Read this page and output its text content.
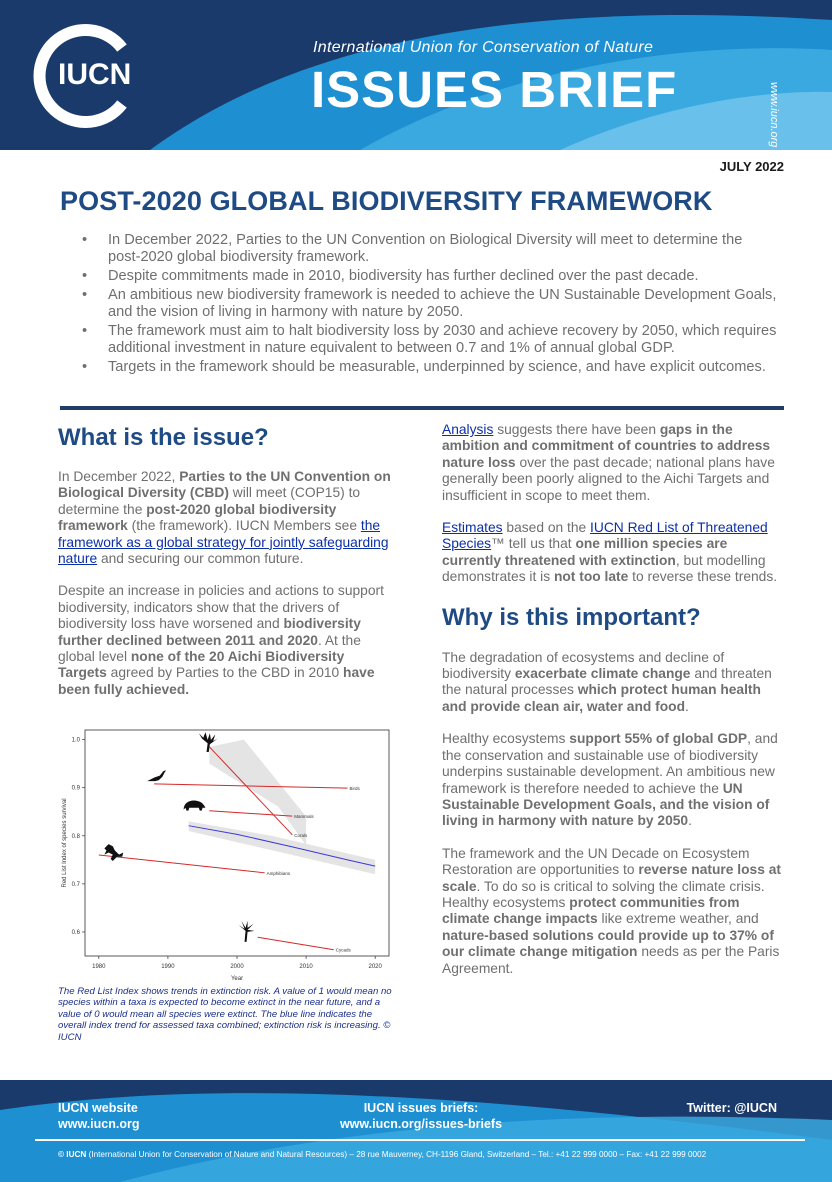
IUCN
International Union for Conservation of Nature
ISSUES BRIEF	www.iucn.org
JULY 2022
POST-2020 GLOBAL BIODIVERSITY FRAMEWORK
• In December 2022, Parties to the UN Convention on Biological Diversity will meet to determine the post-2020 global biodiversity framework.
• Despite commitments made in 2010, biodiversity has further declined over the past decade.
• An ambitious new biodiversity framework is needed to achieve the UN Sustainable Development Goals, and the vision of living in harmony with nature by 2050.
• The framework must aim to halt biodiversity loss by 2030 and achieve recovery by 2050, which requires additional investment in nature equivalent to between 0.7 and 1% of annual global GDP.
• Targets in the framework should be measurable, underpinned by science, and have explicit outcomes.
What is the issue?

In December 2022, Parties to the UN Convention on Biological Diversity (CBD) will meet (COP15) to determine the post-2020 global biodiversity framework (the framework). IUCN Members see the framework as a global strategy for jointly safeguarding nature and securing our common future.

Despite an increase in policies and actions to support biodiversity, indicators show that the drivers of biodiversity loss have worsened and biodiversity further declined between 2011 and 2020. At the global level none of the 20 Aichi Biodiversity Targets agreed by Parties to the CBD in 2010 have been fully achieved.

1980	1990	2000	2010	2020
0.6
0.7
0.8
0.9
1.0
Year
Red List Index of species survival
Birds
Mammals
Corals
Amphibians
Cycads
The Red List Index shows trends in extinction risk. A value of 1 would mean no species within a taxa is expected to become extinct in the near future, and a value of 0 would mean all species were extinct. The blue line indicates the overall index trend for assessed taxa combined; extinction risk is increasing. © IUCN

Analysis suggests there have been gaps in the ambition and commitment of countries to address nature loss over the past decade; national plans have generally been poorly aligned to the Aichi Targets and insufficient in scope to meet them.

Estimates based on the IUCN Red List of Threatened Species™ tell us that one million species are currently threatened with extinction, but modelling demonstrates it is not too late to reverse these trends.

Why is this important?

The degradation of ecosystems and decline of biodiversity exacerbate climate change and threaten the natural processes which protect human health and provide clean air, water and food.

Healthy ecosystems support 55% of global GDP, and the conservation and sustainable use of biodiversity underpins sustainable development. An ambitious new framework is therefore needed to achieve the UN Sustainable Development Goals, and the vision of living in harmony with nature by 2050.

The framework and the UN Decade on Ecosystem Restoration are opportunities to reverse nature loss at scale. To do so is critical to solving the climate crisis. Healthy ecosystems protect communities from climate change impacts like extreme weather, and nature-based solutions could provide up to 37% of our climate change mitigation needs as per the Paris Agreement.

IUCN website
www.iucn.org
IUCN issues briefs:
www.iucn.org/issues-briefs
Twitter: @IUCN
© IUCN (International Union for Conservation of Nature and Natural Resources) – 28 rue Mauverney, CH-1196 Gland, Switzerland – Tel.: +41 22 999 0000 – Fax: +41 22 999 0002
